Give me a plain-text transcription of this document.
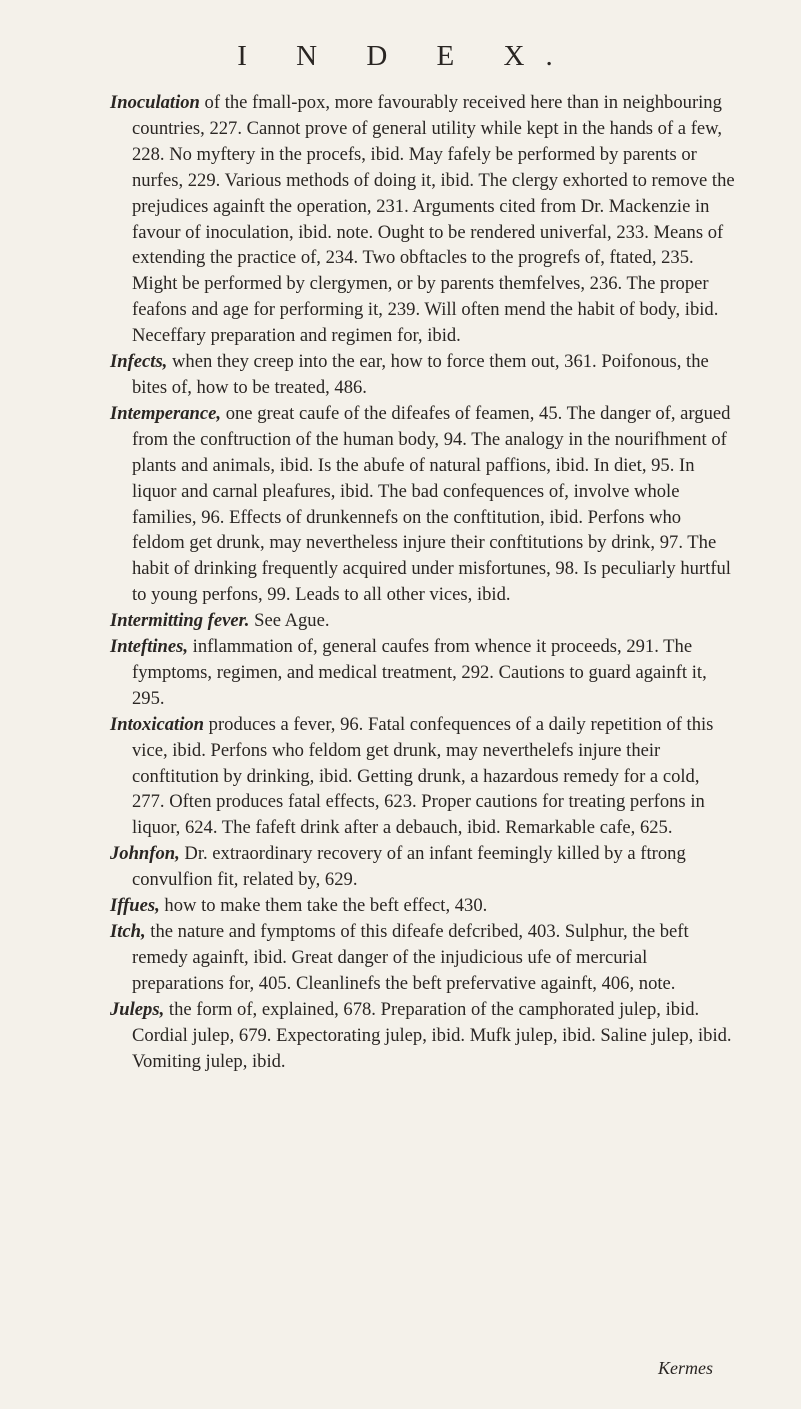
I N D E X.

Inoculation of the fmall-pox, more favourably received here than in neighbouring countries, 227. Cannot prove of general utility while kept in the hands of a few, 228. No myftery in the procefs, ibid. May fafely be performed by parents or nurfes, 229. Various methods of doing it, ibid. The clergy exhorted to remove the prejudices againft the operation, 231. Arguments cited from Dr. Mackenzie in favour of inoculation, ibid. note. Ought to be rendered univerfal, 233. Means of extending the practice of, 234. Two obftacles to the progrefs of, ftated, 235. Might be performed by clergymen, or by parents themfelves, 236. The proper feafons and age for performing it, 239. Will often mend the habit of body, ibid. Neceffary preparation and regimen for, ibid.

Infects, when they creep into the ear, how to force them out, 361. Poifonous, the bites of, how to be treated, 486.

Intemperance, one great caufe of the difeafes of feamen, 45. The danger of, argued from the conftruction of the human body, 94. The analogy in the nourifhment of plants and animals, ibid. Is the abufe of natural paffions, ibid. In diet, 95. In liquor and carnal pleafures, ibid. The bad confequences of, involve whole families, 96. Effects of drunkennefs on the conftitution, ibid. Perfons who feldom get drunk, may nevertheless injure their conftitutions by drink, 97. The habit of drinking frequently acquired under misfortunes, 98. Is peculiarly hurtful to young perfons, 99. Leads to all other vices, ibid.

Intermitting fever. See Ague.

Inteftines, inflammation of, general caufes from whence it proceeds, 291. The fymptoms, regimen, and medical treatment, 292. Cautions to guard againft it, 295.

Intoxication produces a fever, 96. Fatal confequences of a daily repetition of this vice, ibid. Perfons who feldom get drunk, may neverthelefs injure their conftitution by drinking, ibid. Getting drunk, a hazardous remedy for a cold, 277. Often produces fatal effects, 623. Proper cautions for treating perfons in liquor, 624. The fafeft drink after a debauch, ibid. Remarkable cafe, 625.

Johnfon, Dr. extraordinary recovery of an infant feemingly killed by a ftrong convulfion fit, related by, 629.

Iffues, how to make them take the beft effect, 430.

Itch, the nature and fymptoms of this difeafe defcribed, 403. Sulphur, the beft remedy againft, ibid. Great danger of the injudicious ufe of mercurial preparations for, 405. Cleanlinefs the beft prefervative againft, 406, note.

Juleps, the form of, explained, 678. Preparation of the camphorated julep, ibid. Cordial julep, 679. Expectorating julep, ibid. Mufk julep, ibid. Saline julep, ibid. Vomiting julep, ibid.

Kermes
